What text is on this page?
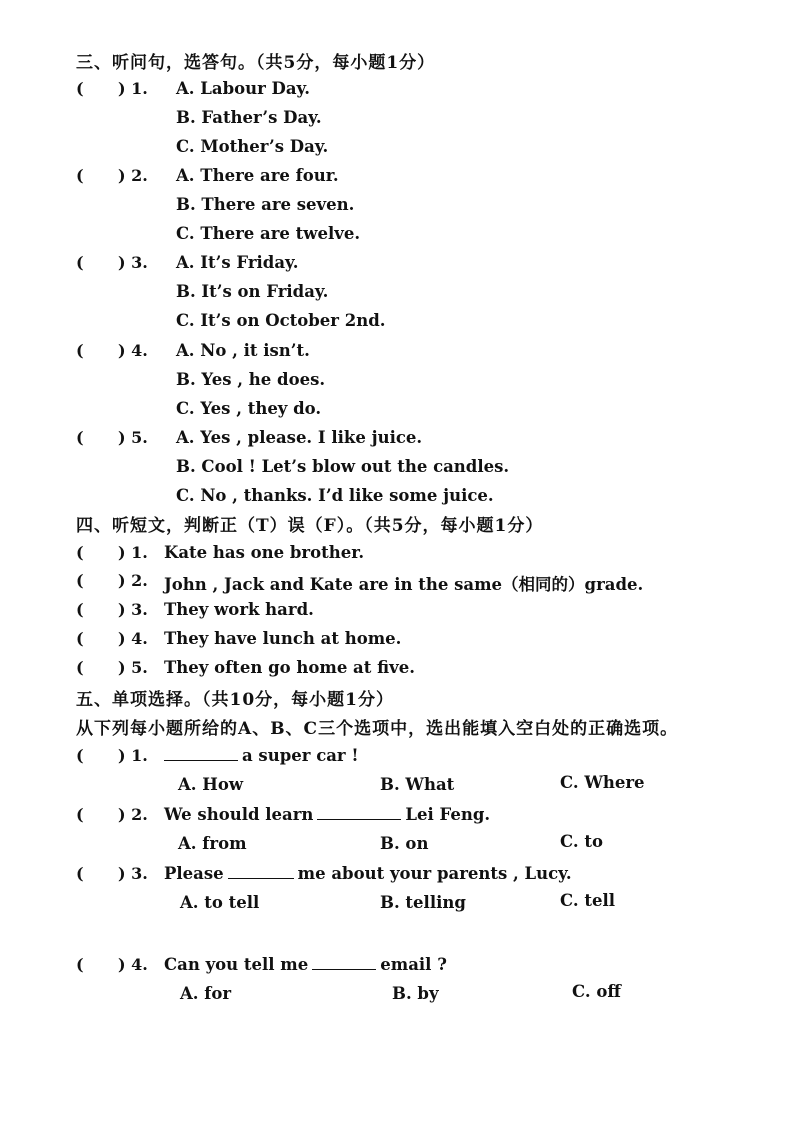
三、听问句，选答句。（共5分，每小题1分）
( ) 1. A. Labour Day.
B. Father’s Day.
C. Mother’s Day.
( ) 2. A. There are four.
B. There are seven.
C. There are twelve.
( ) 3. A. It’s Friday.
B. It’s on Friday.
C. It’s on October 2nd.
( ) 4. A. No , it isn’t.
B. Yes , he does.
C. Yes , they do.
( ) 5. A. Yes , please. I like juice.
B. Cool ! Let’s blow out the candles.
C. No , thanks. I’d like some juice.
四、听短文，判断正（T）误（F）。（共5分，每小题1分）
( ) 1. Kate has one brother.
( ) 2. John , Jack and Kate are in the same（相同的）grade.
( ) 3. They work hard.
( ) 4. They have lunch at home.
( ) 5. They often go home at five.
五、单项选择。（共10分，每小题1分）
从下列每小题所给的A、B、C三个选项中，选出能填入空白处的正确选项。
( ) 1.	a super car !
A. How	B. What	C. Where
( ) 2. We should learn	Lei Feng.
A. from	B. on	C. to
( ) 3. Please	me about your parents , Lucy.
A. to tell	B. telling	C. tell
( ) 4. Can you tell me	email ?
A. for	B. by	C. off
